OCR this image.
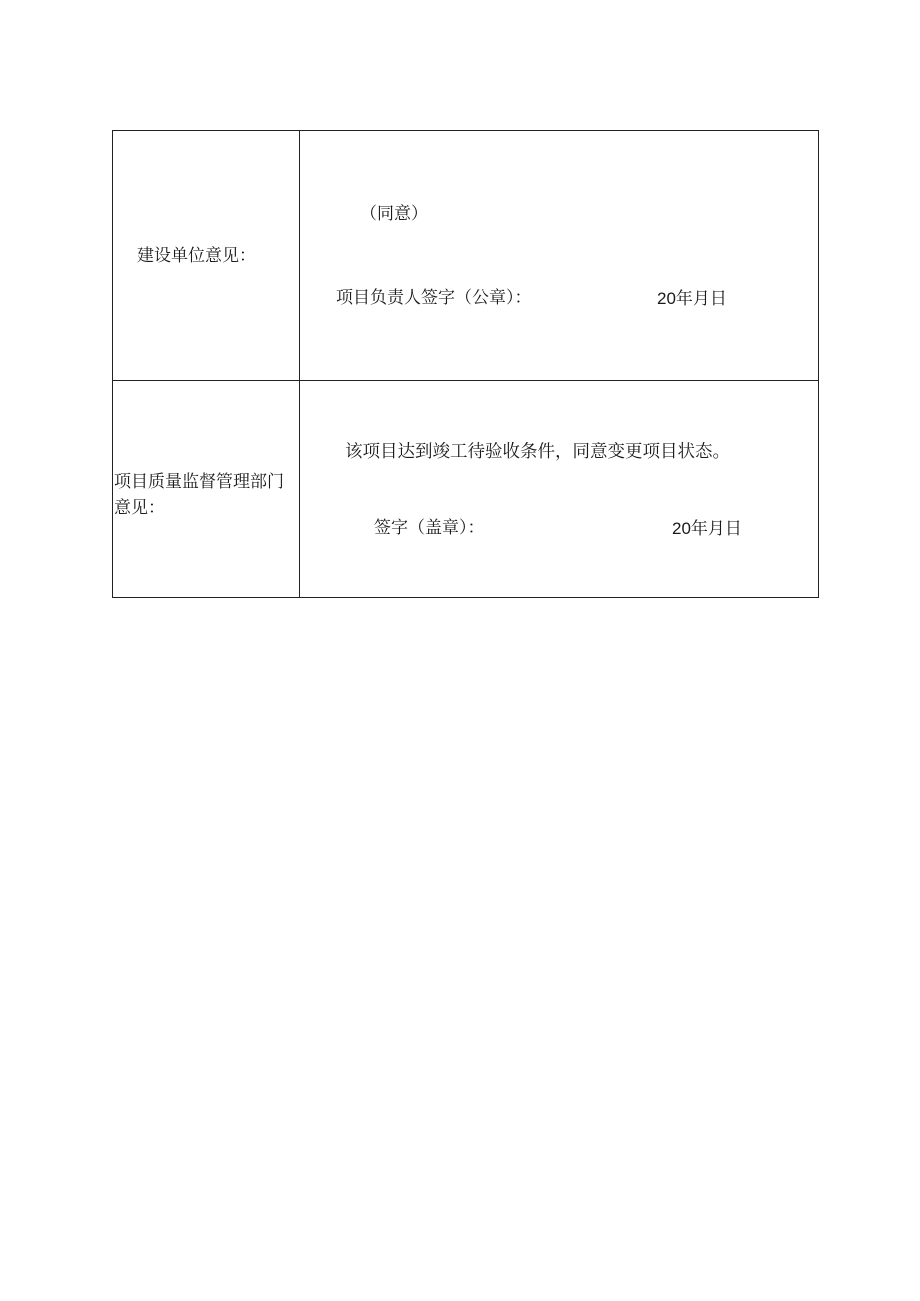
建设单位意见：
（同意）
项目负责人签字（公章）：	20年月日
项目质量监督管理部门意见：
该项目达到竣工待验收条件，同意变更项目状态。
签字（盖章）：	20年月日
